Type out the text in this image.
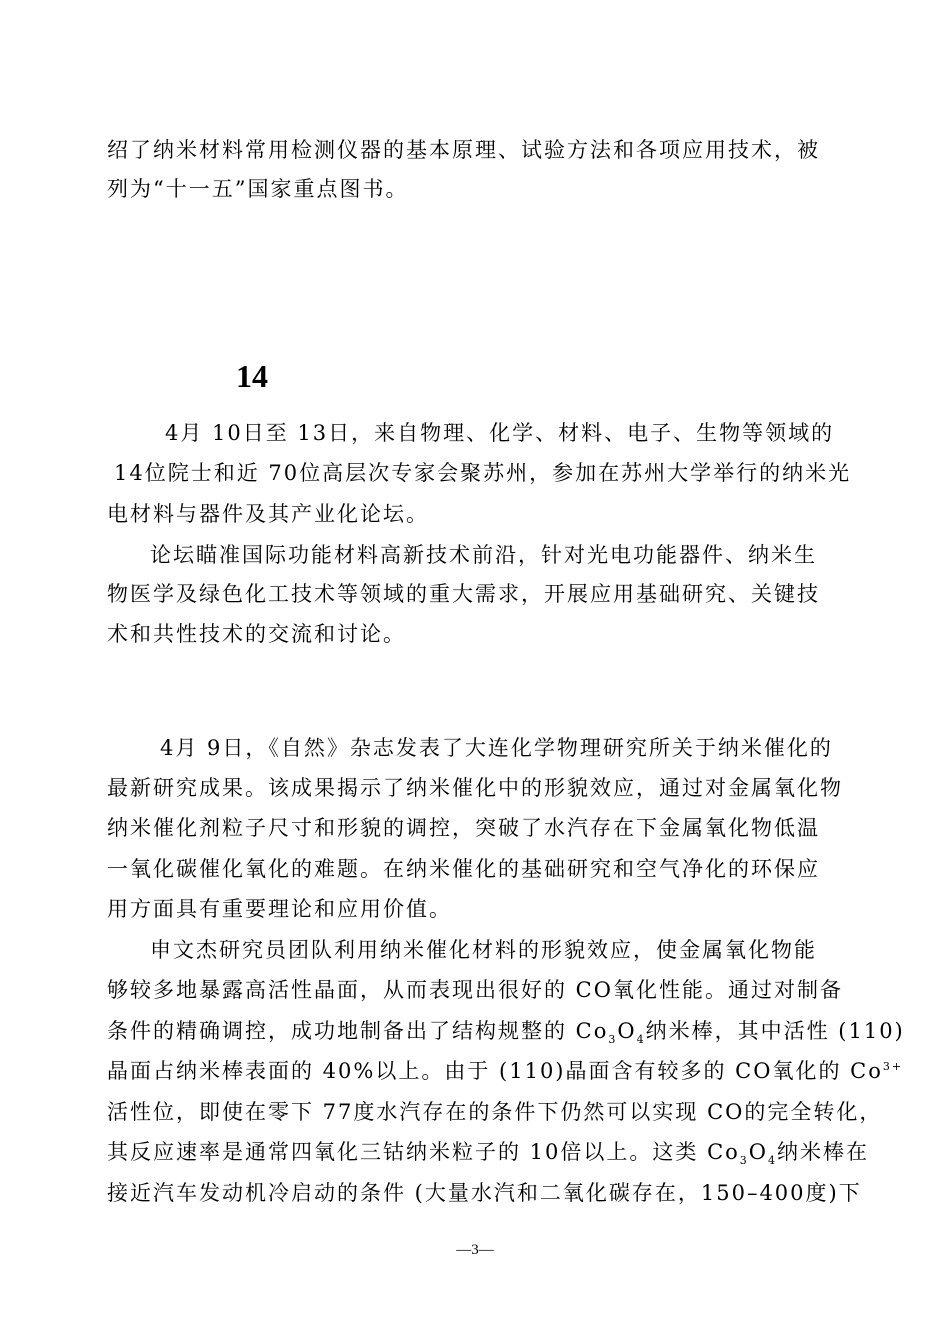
绍了纳米材料常用检测仪器的基本原理、试验方法和各项应用技术，被
列为“十一五”国家重点图书。
14
4月 10日至 13日，来自物理、化学、材料、电子、生物等领域的
14位院士和近 70位高层次专家会聚苏州，参加在苏州大学举行的纳米光
电材料与器件及其产业化论坛。
论坛瞄准国际功能材料高新技术前沿，针对光电功能器件、纳米生
物医学及绿色化工技术等领域的重大需求，开展应用基础研究、关键技
术和共性技术的交流和讨论。
4月 9日，《自然》杂志发表了大连化学物理研究所关于纳米催化的
最新研究成果。该成果揭示了纳米催化中的形貌效应，通过对金属氧化物
纳米催化剂粒子尺寸和形貌的调控，突破了水汽存在下金属氧化物低温
一氧化碳催化氧化的难题。在纳米催化的基础研究和空气净化的环保应
用方面具有重要理论和应用价值。
申文杰研究员团队利用纳米催化材料的形貌效应，使金属氧化物能
够较多地暴露高活性晶面，从而表现出很好的 CO氧化性能。通过对制备
条件的精确调控，成功地制备出了结构规整的 $Co_3O_4$纳米棒，其中活性 (110)
晶面占纳米棒表面的 40%以上。由于 (110)晶面含有较多的 CO氧化的 $Co^{3+}$
活性位，即使在零下 77度水汽存在的条件下仍然可以实现 CO的完全转化，
其反应速率是通常四氧化三钴纳米粒子的 10倍以上。这类 $Co_3O_4$纳米棒在
接近汽车发动机冷启动的条件 (大量水汽和二氧化碳存在，150–400度)下
—3—
